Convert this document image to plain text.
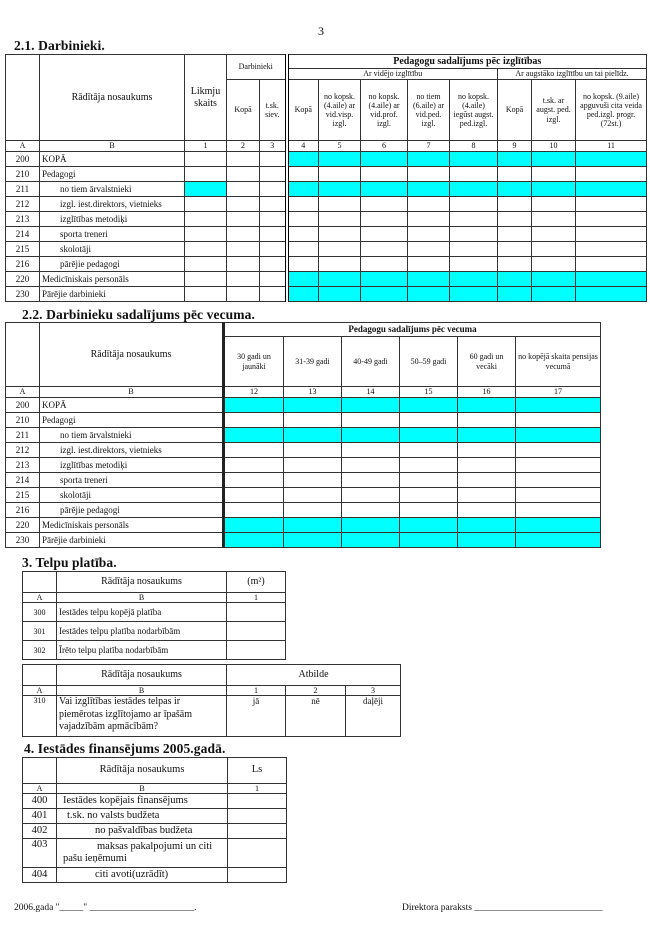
3
2.1. Darbinieki.
	Rādītāja nosaukums	Likmju skaits	Darbinieki		Pedagogu sadalījums pēc izglītības							
					Ar vidējo izglītību					Ar augstāko izglītību un tai pielīdz.		
			Kopā	t.sk. siev.	Kopā	no kopsk. (4.aile) ar vid.visp. izgl.	no kopsk. (4.aile) ar vid.prof. izgl.	no tiem (6.aile) ar vid.ped. izgl.	no kopsk. (4.aile) iegūst augst. ped.izgl.	Kopā	t.sk. ar augst. ped. izgl.	no kopsk. (9.aile) apguvuši cita veida ped.izgl. progr. (72st.)
A	B	1	2	3	4	5	6	7	8	9	10	11
200	KOPĀ											
210	Pedagogi											
211	no tiem ārvalstnieki											
212	izgl. iest.direktors, vietnieks											
213	izglītības metodiķi											
214	sporta treneri											
215	skolotāji											
216	pārējie pedagogi											
220	Medicīniskais personāls											
230	Pārējie darbinieki											
2.2. Darbinieku sadalījums pēc vecuma.
	Rādītāja nosaukums	Pedagogu sadalījums pēc vecuma					
		30 gadi un jaunāki	31-39 gadi	40-49 gadi	50–59 gadi	60 gadi un vecāki	no kopējā skaita pensijas vecumā
A	B	12	13	14	15	16	17
200	KOPĀ						
210	Pedagogi						
211	no tiem ārvalstnieki						
212	izgl. iest.direktors, vietnieks						
213	izglītības metodiķi						
214	sporta treneri						
215	skolotāji						
216	pārējie pedagogi						
220	Medicīniskais personāls						
230	Pārējie darbinieki						
3. Telpu platība.
	Rādītāja nosaukums	(m²)
A	B	1
300	Iestādes telpu kopējā platība	
301	Iestādes telpu platība nodarbībām	
302	Īrēto telpu platība nodarbībām	
	Rādītāja nosaukums	Atbilde		
A	B	1	2	3
310	Vai izglītības iestādes telpas ir piemērotas izglītojamo ar īpašām vajadzībām apmācībām?	jā	nē	daļēji
4. Iestādes finansējums 2005.gadā.
	Rādītāja nosaukums	Ls
A	B	1
400	Iestādes kopējais finansējums	
401	t.sk. no valsts budžeta	
402	no pašvaldības budžeta	
403	maksas pakalpojumi un citi pašu ieņēmumi	
404	citi avoti(uzrādīt)	
2006.gada "_____" ______________________.	Direktora paraksts ___________________________
